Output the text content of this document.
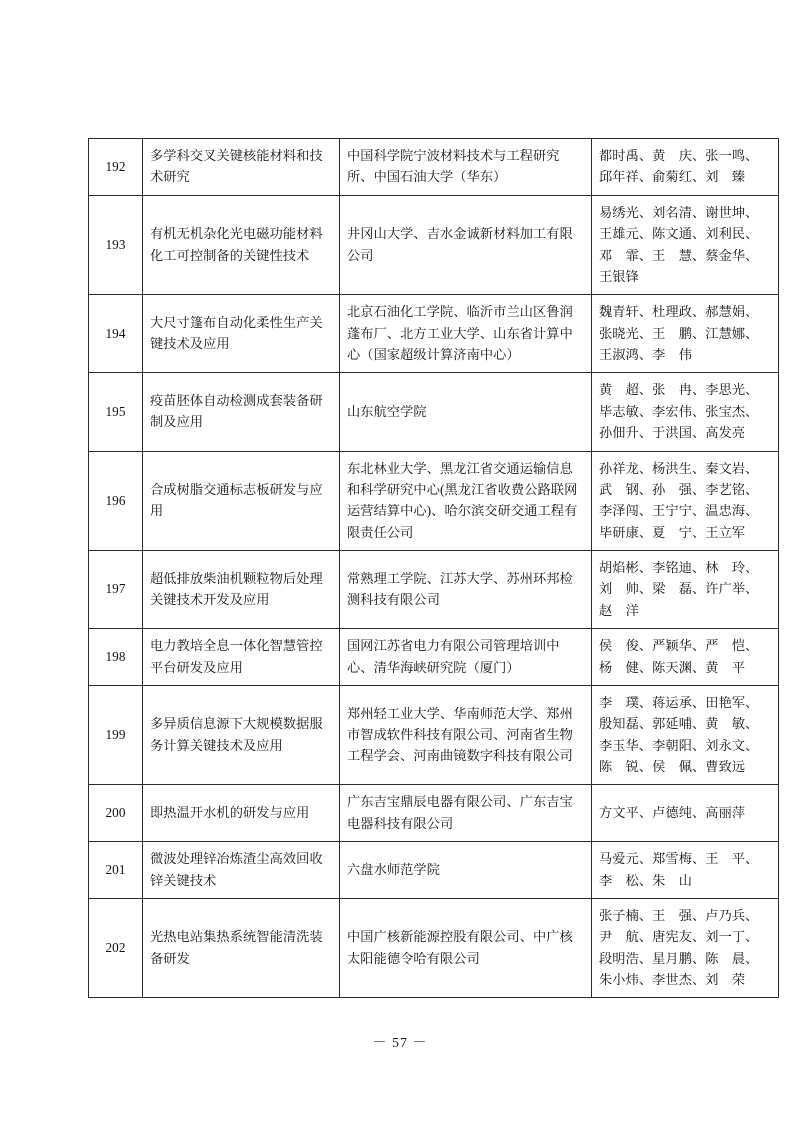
192	多学科交叉关键核能材料和技术研究	中国科学院宁波材料技术与工程研究所、中国石油大学（华东）	都时禹、黄　庆、张一鸣、邱年祥、俞菊红、刘　臻
193	有机无机杂化光电磁功能材料化工可控制备的关键性技术	井冈山大学、吉水金诚新材料加工有限公司	易绣光、刘名清、谢世坤、王雄元、陈文通、刘利民、邓　霏、王　慧、蔡金华、王银锋
194	大尺寸篷布自动化柔性生产关键技术及应用	北京石油化工学院、临沂市兰山区鲁润蓬布厂、北方工业大学、山东省计算中心（国家超级计算济南中心）	魏青轩、杜理政、郝慧娟、张晓光、王　鹏、江慧娜、王淑鸿、李　伟
195	疫苗胚体自动检测成套装备研制及应用	山东航空学院	黄　超、张　冉、李思光、毕志敏、李宏伟、张宝杰、孙佃升、于洪国、高发亮
196	合成树脂交通标志板研发与应用	东北林业大学、黑龙江省交通运输信息和科学研究中心(黑龙江省收费公路联网运营结算中心)、哈尔滨交研交通工程有限责任公司	孙祥龙、杨洪生、秦文岩、武　钢、孙　强、李艺铭、李泽闯、王宁宁、温忠海、毕研康、夏　宁、王立军
197	超低排放柴油机颗粒物后处理关键技术开发及应用	常熟理工学院、江苏大学、苏州环邦检测科技有限公司	胡焰彬、李铭迪、林　玲、刘　帅、梁　磊、许广举、赵　洋
198	电力教培全息一体化智慧管控平台研发及应用	国网江苏省电力有限公司管理培训中心、清华海峡研究院（厦门）	侯　俊、严颖华、严　恺、杨　健、陈天渊、黄　平
199	多异质信息源下大规模数据服务计算关键技术及应用	郑州轻工业大学、华南师范大学、郑州市智成软件科技有限公司、河南省生物工程学会、河南曲镜数字科技有限公司	李　璞、蒋运承、田艳军、殷知磊、郭延哺、黄　敏、李玉华、李朝阳、刘永文、陈　锐、侯　佩、曹致远
200	即热温开水机的研发与应用	广东吉宝鼎辰电器有限公司、广东吉宝电器科技有限公司	方文平、卢德纯、高丽萍
201	微波处理锌冶炼渣尘高效回收锌关键技术	六盘水师范学院	马爱元、郑雪梅、王　平、李　松、朱　山
202	光热电站集热系统智能清洗装备研发	中国广核新能源控股有限公司、中广核太阳能德令哈有限公司	张子楠、王　强、卢乃兵、尹　航、唐宪友、刘一丁、段明浩、星月鹏、陈　晨、朱小炜、李世杰、刘　荣
－ 57 －
